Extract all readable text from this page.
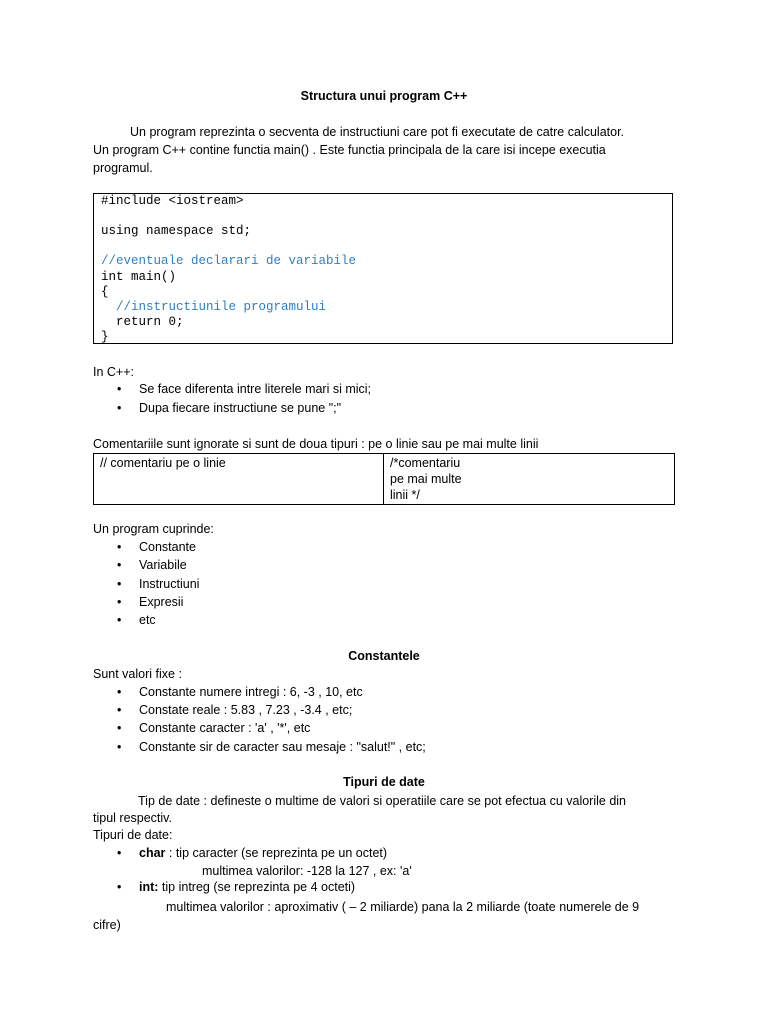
Structura unui program C++
Un program reprezinta o secventa de instructiuni care pot fi executate de catre calculator.
Un program C++ contine functia main() . Este functia principala de la care isi incepe executia
programul.
#include <iostream>
using namespace std;
//eventuale declarari de variabile
int main()
{
//instructiunile programului
return 0;
}
In C++:
• Se face diferenta intre literele mari si mici;
• Dupa fiecare instructiune se pune ";"
Comentariile sunt ignorate si sunt de doua tipuri : pe o linie sau pe mai multe linii
// comentariu pe o linie	/*comentariu
pe mai multe
linii */
Un program cuprinde:
• Constante
• Variabile
• Instructiuni
• Expresii
• etc
Constantele
Sunt valori fixe :
• Constante numere intregi : 6, -3 , 10, etc
• Constate reale : 5.83 , 7.23 , -3.4 , etc;
• Constante caracter : 'a' , '*', etc
• Constante sir de caracter sau mesaje : "salut!" , etc;
Tipuri de date
Tip de date : defineste o multime de valori si operatiile care se pot efectua cu valorile din
tipul respectiv.
Tipuri de date:
• char : tip caracter (se reprezinta pe un octet)
• int: tip intreg (se reprezinta pe 4 octeti)
multimea valorilor: -128 la 127 , ex: 'a'
multimea valorilor : aproximativ ( – 2 miliarde) pana la 2 miliarde (toate numerele de 9
cifre)
